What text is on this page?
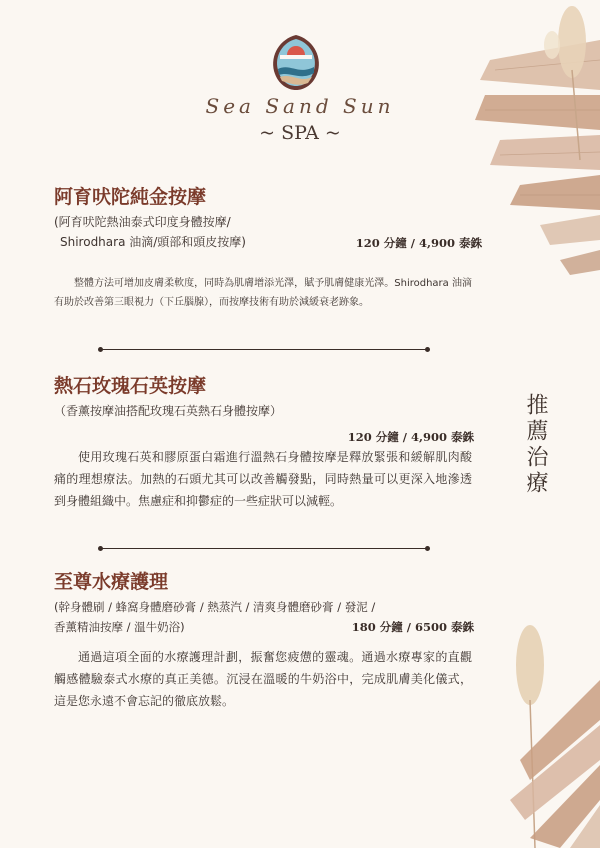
Sea Sand Sun
~ SPA ~
推薦治療
阿育吠陀純金按摩
(阿育吠陀熱油泰式印度身體按摩/
Shirodhara 油滴/頭部和頭皮按摩)	120 分鐘 / 4,900 泰銖
整體方法可增加皮膚柔軟度，同時為肌膚增添光澤，賦予肌膚健康光澤。Shirodhara 油滴有助於改善第三眼視力（下丘腦腺），而按摩技術有助於減緩衰老跡象。
熱石玫瑰石英按摩
（香薰按摩油搭配玫瑰石英熱石身體按摩）
120 分鐘 / 4,900 泰銖
使用玫瑰石英和膠原蛋白霜進行溫熱石身體按摩是釋放緊張和緩解肌肉酸痛的理想療法。加熱的石頭尤其可以改善觸發點，同時熱量可以更深入地滲透到身體組織中。焦慮症和抑鬱症的一些症狀可以減輕。
至尊水療護理
(幹身體刷 / 蜂窩身體磨砂膏 / 熱蒸汽 / 清爽身體磨砂膏 / 發泥 /
香薰精油按摩 / 溫牛奶浴)	180 分鐘 / 6500 泰銖
通過這項全面的水療護理計劃，振奮您疲憊的靈魂。通過水療專家的直觀觸感體驗泰式水療的真正美德。沉浸在溫暖的牛奶浴中，完成肌膚美化儀式，這是您永遠不會忘記的徹底放鬆。
